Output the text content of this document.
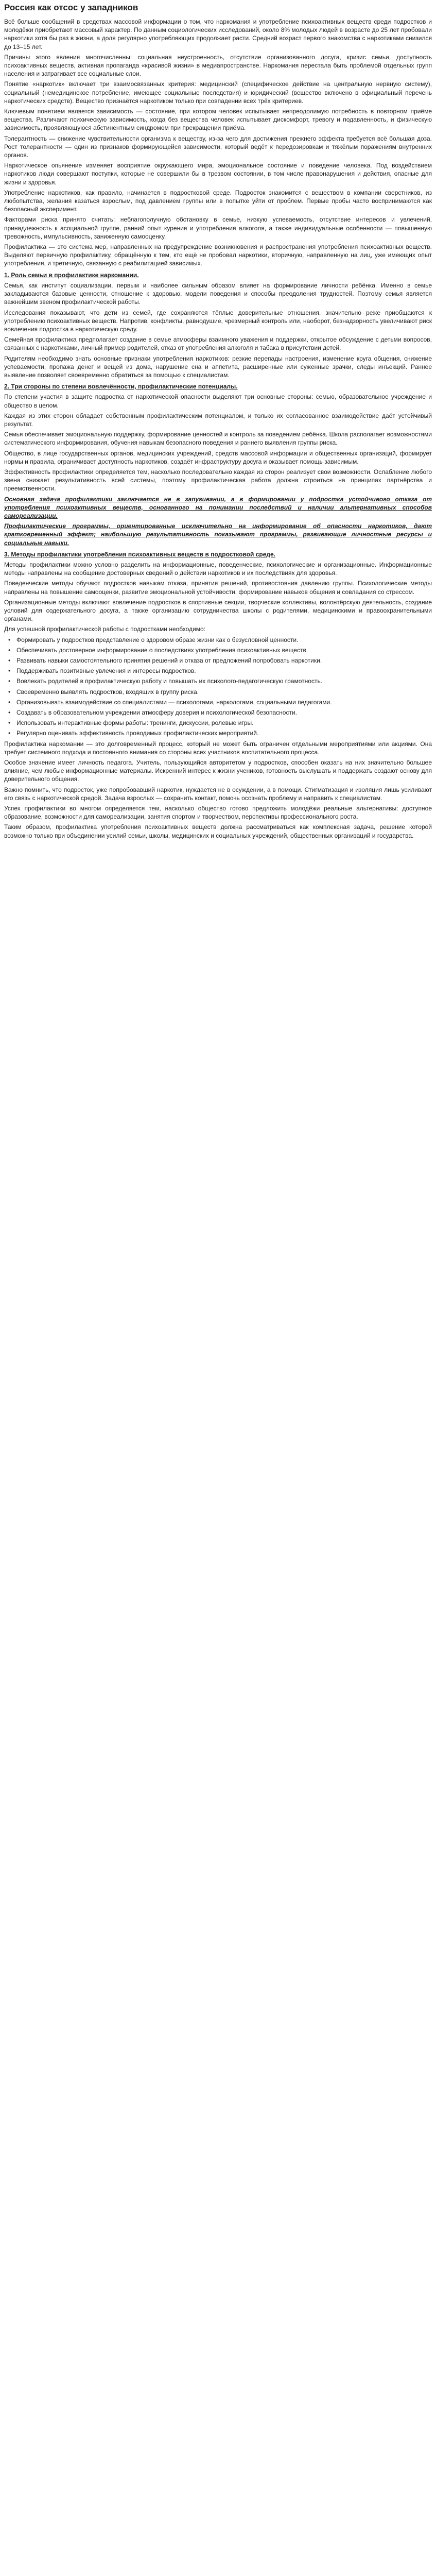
Россия как отсос у западников

Всё больше сообщений в средствах массовой информации о том, что наркомания и употребление психоактивных веществ среди подростков и молодёжи приобретают массовый характер. По данным социологических исследований, около 8% молодых людей в возрасте до 25 лет пробовали наркотики хотя бы раз в жизни, а доля регулярно употребляющих продолжает расти. Средний возраст первого знакомства с наркотиками снизился до 13–15 лет.

Причины этого явления многочисленны: социальная неустроенность, отсутствие организованного досуга, кризис семьи, доступность психоактивных веществ, активная пропаганда «красивой жизни» в медиапространстве. Наркомания перестала быть проблемой отдельных групп населения и затрагивает все социальные слои.

Понятие «наркотик» включает три взаимосвязанных критерия: медицинский (специфическое действие на центральную нервную систему), социальный (немедицинское потребление, имеющее социальные последствия) и юридический (вещество включено в официальный перечень наркотических средств). Вещество признаётся наркотиком только при совпадении всех трёх критериев.

Ключевым понятием является зависимость — состояние, при котором человек испытывает непреодолимую потребность в повторном приёме вещества. Различают психическую зависимость, когда без вещества человек испытывает дискомфорт, тревогу и подавленность, и физическую зависимость, проявляющуюся абстинентным синдромом при прекращении приёма.

Толерантность — снижение чувствительности организма к веществу, из-за чего для достижения прежнего эффекта требуется всё большая доза. Рост толерантности — один из признаков формирующейся зависимости, который ведёт к передозировкам и тяжёлым поражениям внутренних органов.

Наркотическое опьянение изменяет восприятие окружающего мира, эмоциональное состояние и поведение человека. Под воздействием наркотиков люди совершают поступки, которые не совершили бы в трезвом состоянии, в том числе правонарушения и действия, опасные для жизни и здоровья.

Употребление наркотиков, как правило, начинается в подростковой среде. Подросток знакомится с веществом в компании сверстников, из любопытства, желания казаться взрослым, под давлением группы или в попытке уйти от проблем. Первые пробы часто воспринимаются как безопасный эксперимент.

Факторами риска принято считать: неблагополучную обстановку в семье, низкую успеваемость, отсутствие интересов и увлечений, принадлежность к асоциальной группе, ранний опыт курения и употребления алкоголя, а также индивидуальные особенности — повышенную тревожность, импульсивность, заниженную самооценку.

Профилактика — это система мер, направленных на предупреждение возникновения и распространения употребления психоактивных веществ. Выделяют первичную профилактику, обращённую к тем, кто ещё не пробовал наркотики, вторичную, направленную на лиц, уже имеющих опыт употребления, и третичную, связанную с реабилитацией зависимых.

1. Роль семьи в профилактике наркомании.

Семья, как институт социализации, первым и наиболее сильным образом влияет на формирование личности ребёнка. Именно в семье закладываются базовые ценности, отношение к здоровью, модели поведения и способы преодоления трудностей. Поэтому семья является важнейшим звеном профилактической работы.

Исследования показывают, что дети из семей, где сохраняются тёплые доверительные отношения, значительно реже приобщаются к употреблению психоактивных веществ. Напротив, конфликты, равнодушие, чрезмерный контроль или, наоборот, безнадзорность увеличивают риск вовлечения подростка в наркотическую среду.

Семейная профилактика предполагает создание в семье атмосферы взаимного уважения и поддержки, открытое обсуждение с детьми вопросов, связанных с наркотиками, личный пример родителей, отказ от употребления алкоголя и табака в присутствии детей.

Родителям необходимо знать основные признаки употребления наркотиков: резкие перепады настроения, изменение круга общения, снижение успеваемости, пропажа денег и вещей из дома, нарушение сна и аппетита, расширенные или суженные зрачки, следы инъекций. Раннее выявление позволяет своевременно обратиться за помощью к специалистам.

2. Три стороны по степени вовлечённости, профилактические потенциалы.

По степени участия в защите подростка от наркотической опасности выделяют три основные стороны: семью, образовательное учреждение и общество в целом.

Каждая из этих сторон обладает собственным профилактическим потенциалом, и только их согласованное взаимодействие даёт устойчивый результат.

Семья обеспечивает эмоциональную поддержку, формирование ценностей и контроль за поведением ребёнка. Школа располагает возможностями систематического информирования, обучения навыкам безопасного поведения и раннего выявления группы риска.

Общество, в лице государственных органов, медицинских учреждений, средств массовой информации и общественных организаций, формирует нормы и правила, ограничивает доступность наркотиков, создаёт инфраструктуру досуга и оказывает помощь зависимым.

Эффективность профилактики определяется тем, насколько последовательно каждая из сторон реализует свои возможности. Ослабление любого звена снижает результативность всей системы, поэтому профилактическая работа должна строиться на принципах партнёрства и преемственности.

Основная задача профилактики заключается не в запугивании, а в формировании у подростка устойчивого отказа от употребления психоактивных веществ, основанного на понимании последствий и наличии альтернативных способов самореализации.

Профилактические программы, ориентированные исключительно на информирование об опасности наркотиков, дают кратковременный эффект; наибольшую результативность показывают программы, развивающие личностные ресурсы и социальные навыки.

3. Методы профилактики употребления психоактивных веществ в подростковой среде.

Методы профилактики можно условно разделить на информационные, поведенческие, психологические и организационные. Информационные методы направлены на сообщение достоверных сведений о действии наркотиков и их последствиях для здоровья.

Поведенческие методы обучают подростков навыкам отказа, принятия решений, противостояния давлению группы. Психологические методы направлены на повышение самооценки, развитие эмоциональной устойчивости, формирование навыков общения и совладания со стрессом.

Организационные методы включают вовлечение подростков в спортивные секции, творческие коллективы, волонтёрскую деятельность, создание условий для содержательного досуга, а также организацию сотрудничества школы с родителями, медицинскими и правоохранительными органами.

Для успешной профилактической работы с подростками необходимо:

• Формировать у подростков представление о здоровом образе жизни как о безусловной ценности.

• Обеспечивать достоверное информирование о последствиях употребления психоактивных веществ.

• Развивать навыки самостоятельного принятия решений и отказа от предложений попробовать наркотики.

• Поддерживать позитивные увлечения и интересы подростков.

• Вовлекать родителей в профилактическую работу и повышать их психолого-педагогическую грамотность.

• Своевременно выявлять подростков, входящих в группу риска.

• Организовывать взаимодействие со специалистами — психологами, наркологами, социальными педагогами.

• Создавать в образовательном учреждении атмосферу доверия и психологической безопасности.

• Использовать интерактивные формы работы: тренинги, дискуссии, ролевые игры.

• Регулярно оценивать эффективность проводимых профилактических мероприятий.

Профилактика наркомании — это долговременный процесс, который не может быть ограничен отдельными мероприятиями или акциями. Она требует системного подхода и постоянного внимания со стороны всех участников воспитательного процесса.

Особое значение имеет личность педагога. Учитель, пользующийся авторитетом у подростков, способен оказать на них значительно большее влияние, чем любые информационные материалы. Искренний интерес к жизни учеников, готовность выслушать и поддержать создают основу для доверительного общения.

Важно помнить, что подросток, уже попробовавший наркотик, нуждается не в осуждении, а в помощи. Стигматизация и изоляция лишь усиливают его связь с наркотической средой. Задача взрослых — сохранить контакт, помочь осознать проблему и направить к специалистам.

Успех профилактики во многом определяется тем, насколько общество готово предложить молодёжи реальные альтернативы: доступное образование, возможности для самореализации, занятия спортом и творчеством, перспективы профессионального роста.

Таким образом, профилактика употребления психоактивных веществ должна рассматриваться как комплексная задача, решение которой возможно только при объединении усилий семьи, школы, медицинских и социальных учреждений, общественных организаций и государства.
